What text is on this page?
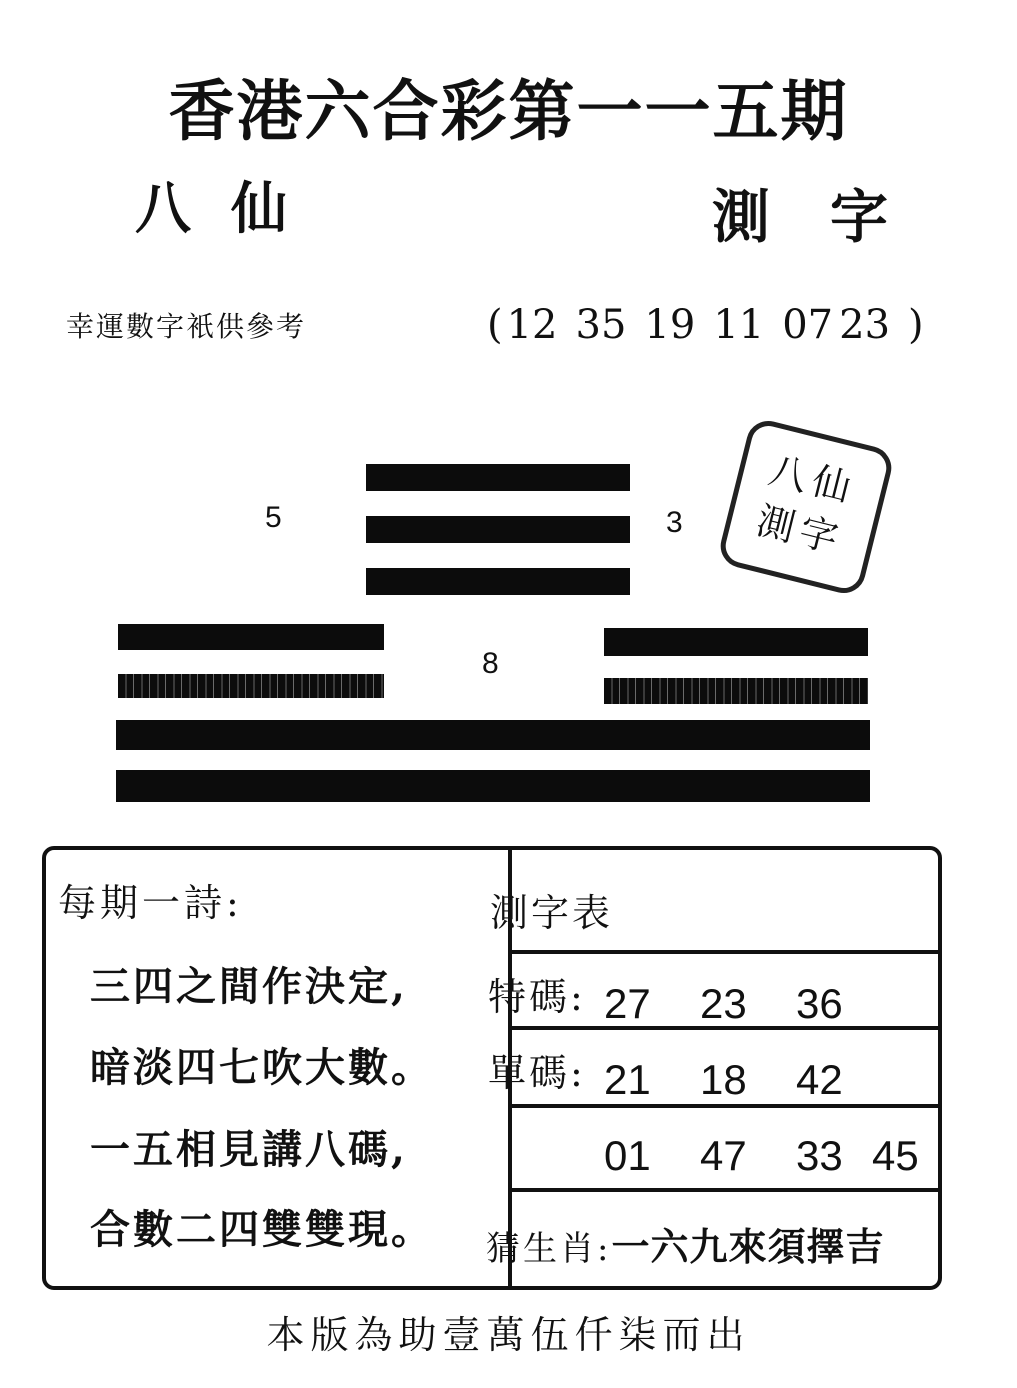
香港六合彩第一一五期
八仙	測字
幸運數字衹供參考	( 12 35 19 11 07 23 )
5	3
8
八仙
測字
每期一詩:
三四之間作決定,
暗淡四七吹大數。
一五相見講八碼,
合數二四雙雙現。
測字表
特碼: 27 23 36
單碼: 21 18 42
01 47 33 45
猜生肖:一六九來須擇吉
本版為助壹萬伍仟柒而出
